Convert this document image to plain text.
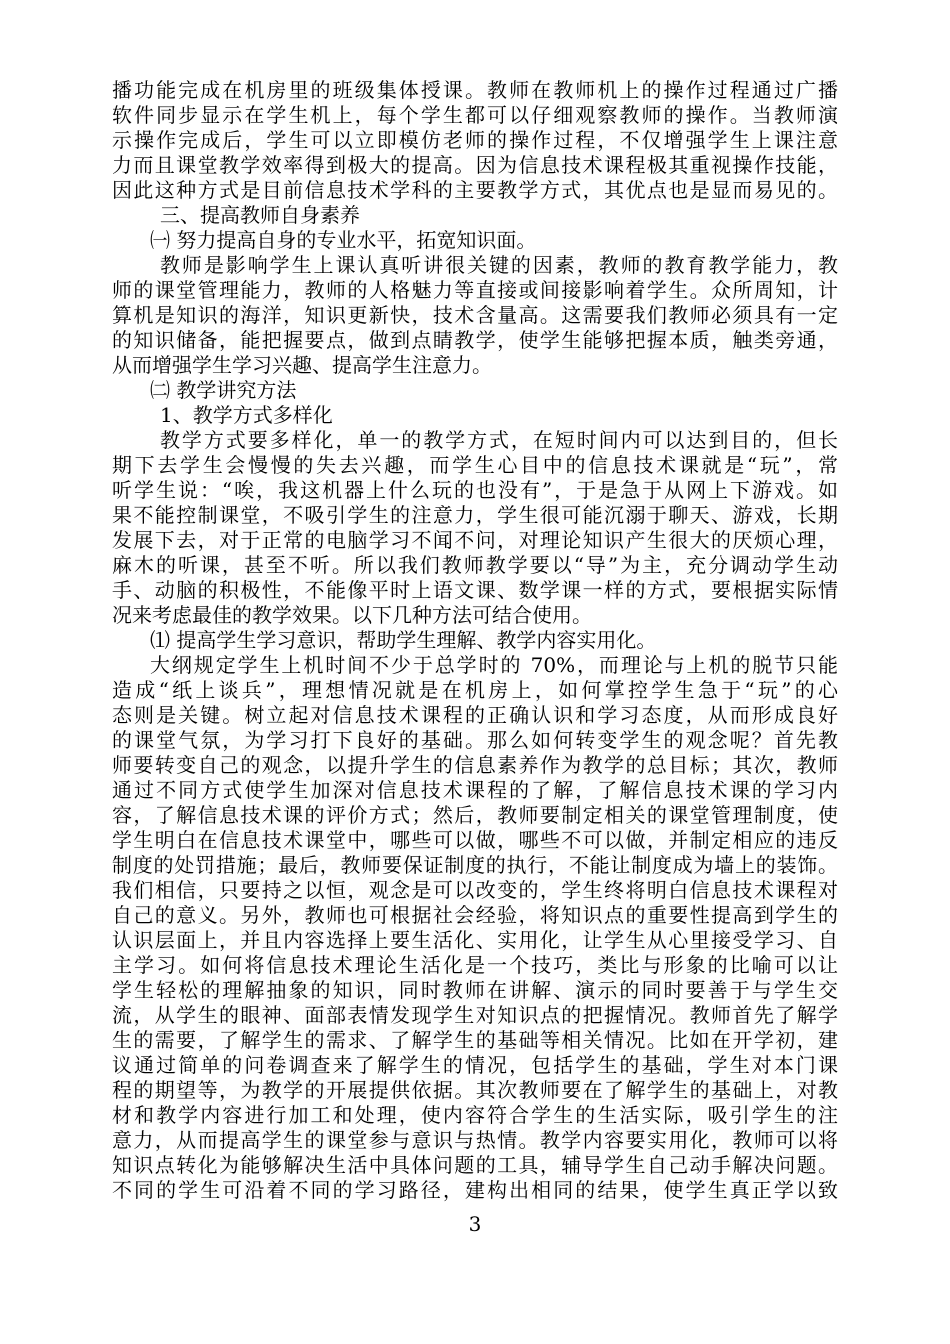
播功能完成在机房里的班级集体授课。教师在教师机上的操作过程通过广播
软件同步显示在学生机上，每个学生都可以仔细观察教师的操作。当教师演
示操作完成后，学生可以立即模仿老师的操作过程，不仅增强学生上课注意
力而且课堂教学效率得到极大的提高。因为信息技术课程极其重视操作技能，
因此这种方式是目前信息技术学科的主要教学方式，其优点也是显而易见的。
三、提高教师自身素养
㈠ 努力提高自身的专业水平，拓宽知识面。
教师是影响学生上课认真听讲很关键的因素，教师的教育教学能力，教
师的课堂管理能力，教师的人格魅力等直接或间接影响着学生。众所周知，计
算机是知识的海洋，知识更新快，技术含量高。这需要我们教师必须具有一定
的知识储备，能把握要点，做到点睛教学，使学生能够把握本质，触类旁通，
从而增强学生学习兴趣、提高学生注意力。
㈡ 教学讲究方法
1、教学方式多样化
教学方式要多样化，单一的教学方式，在短时间内可以达到目的，但长
期下去学生会慢慢的失去兴趣，而学生心目中的信息技术课就是“玩”，常
听学生说：“唉，我这机器上什么玩的也没有”，于是急于从网上下游戏。如
果不能控制课堂，不吸引学生的注意力，学生很可能沉溺于聊天、游戏，长期
发展下去，对于正常的电脑学习不闻不问，对理论知识产生很大的厌烦心理，
麻木的听课，甚至不听。所以我们教师教学要以“导”为主，充分调动学生动
手、动脑的积极性，不能像平时上语文课、数学课一样的方式，要根据实际情
况来考虑最佳的教学效果。以下几种方法可结合使用。
⑴ 提高学生学习意识，帮助学生理解、教学内容实用化。
大纲规定学生上机时间不少于总学时的 70%，而理论与上机的脱节只能
造成“纸上谈兵”，理想情况就是在机房上，如何掌控学生急于“玩”的心
态则是关键。树立起对信息技术课程的正确认识和学习态度，从而形成良好
的课堂气氛，为学习打下良好的基础。那么如何转变学生的观念呢？首先教
师要转变自己的观念，以提升学生的信息素养作为教学的总目标；其次，教师
通过不同方式使学生加深对信息技术课程的了解，了解信息技术课的学习内
容，了解信息技术课的评价方式；然后，教师要制定相关的课堂管理制度，使
学生明白在信息技术课堂中，哪些可以做，哪些不可以做，并制定相应的违反
制度的处罚措施；最后，教师要保证制度的执行，不能让制度成为墙上的装饰。
我们相信，只要持之以恒，观念是可以改变的，学生终将明白信息技术课程对
自己的意义。另外，教师也可根据社会经验，将知识点的重要性提高到学生的
认识层面上，并且内容选择上要生活化、实用化，让学生从心里接受学习、自
主学习。如何将信息技术理论生活化是一个技巧，类比与形象的比喻可以让
学生轻松的理解抽象的知识，同时教师在讲解、演示的同时要善于与学生交
流，从学生的眼神、面部表情发现学生对知识点的把握情况。教师首先了解学
生的需要，了解学生的需求、了解学生的基础等相关情况。比如在开学初，建
议通过简单的问卷调查来了解学生的情况，包括学生的基础，学生对本门课
程的期望等，为教学的开展提供依据。其次教师要在了解学生的基础上，对教
材和教学内容进行加工和处理，使内容符合学生的生活实际，吸引学生的注
意力，从而提高学生的课堂参与意识与热情。教学内容要实用化，教师可以将
知识点转化为能够解决生活中具体问题的工具，辅导学生自己动手解决问题。
不同的学生可沿着不同的学习路径，建构出相同的结果，使学生真正学以致
3
